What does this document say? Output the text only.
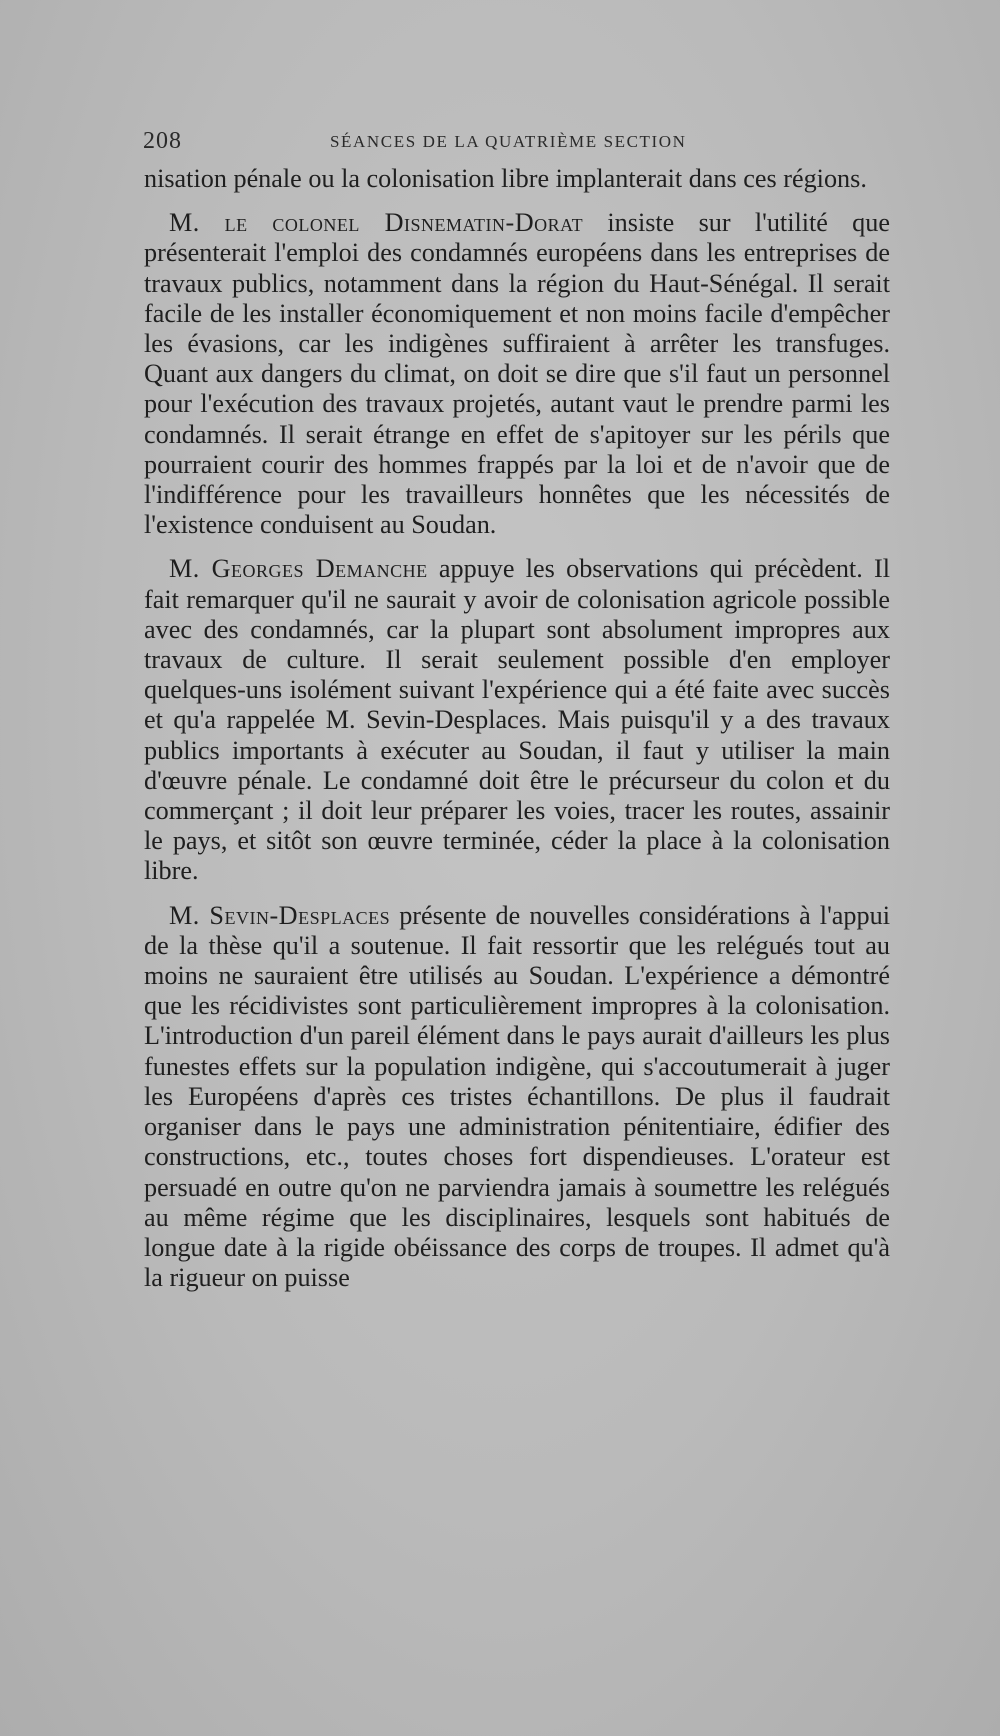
208	SÉANCES DE LA QUATRIÈME SECTION

nisation pénale ou la colonisation libre implanterait dans ces régions.

M. le colonel Disnematin-Dorat insiste sur l'utilité que présenterait l'emploi des condamnés européens dans les entreprises de travaux publics, notamment dans la région du Haut-Sénégal. Il serait facile de les installer économiquement et non moins facile d'empêcher les évasions, car les indigènes suffiraient à arrêter les transfuges. Quant aux dangers du climat, on doit se dire que s'il faut un personnel pour l'exécution des travaux projetés, autant vaut le prendre parmi les condamnés. Il serait étrange en effet de s'apitoyer sur les périls que pourraient courir des hommes frappés par la loi et de n'avoir que de l'indifférence pour les travailleurs honnêtes que les nécessités de l'existence conduisent au Soudan.

M. Georges Demanche appuye les observations qui précèdent. Il fait remarquer qu'il ne saurait y avoir de colonisation agricole possible avec des condamnés, car la plupart sont absolument impropres aux travaux de culture. Il serait seulement possible d'en employer quelques-uns isolément suivant l'expérience qui a été faite avec succès et qu'a rappelée M. Sevin-Desplaces. Mais puisqu'il y a des travaux publics importants à exécuter au Soudan, il faut y utiliser la main d'œuvre pénale. Le condamné doit être le précurseur du colon et du commerçant ; il doit leur préparer les voies, tracer les routes, assainir le pays, et sitôt son œuvre terminée, céder la place à la colonisation libre.

M. Sevin-Desplaces présente de nouvelles considérations à l'appui de la thèse qu'il a soutenue. Il fait ressortir que les relégués tout au moins ne sauraient être utilisés au Soudan. L'expérience a démontré que les récidivistes sont particulièrement impropres à la colonisation. L'introduction d'un pareil élément dans le pays aurait d'ailleurs les plus funestes effets sur la population indigène, qui s'accoutumerait à juger les Européens d'après ces tristes échantillons. De plus il faudrait organiser dans le pays une administration pénitentiaire, édifier des constructions, etc., toutes choses fort dispendieuses. L'orateur est persuadé en outre qu'on ne parviendra jamais à soumettre les relégués au même régime que les disciplinaires, lesquels sont habitués de longue date à la rigide obéissance des corps de troupes. Il admet qu'à la rigueur on puisse
